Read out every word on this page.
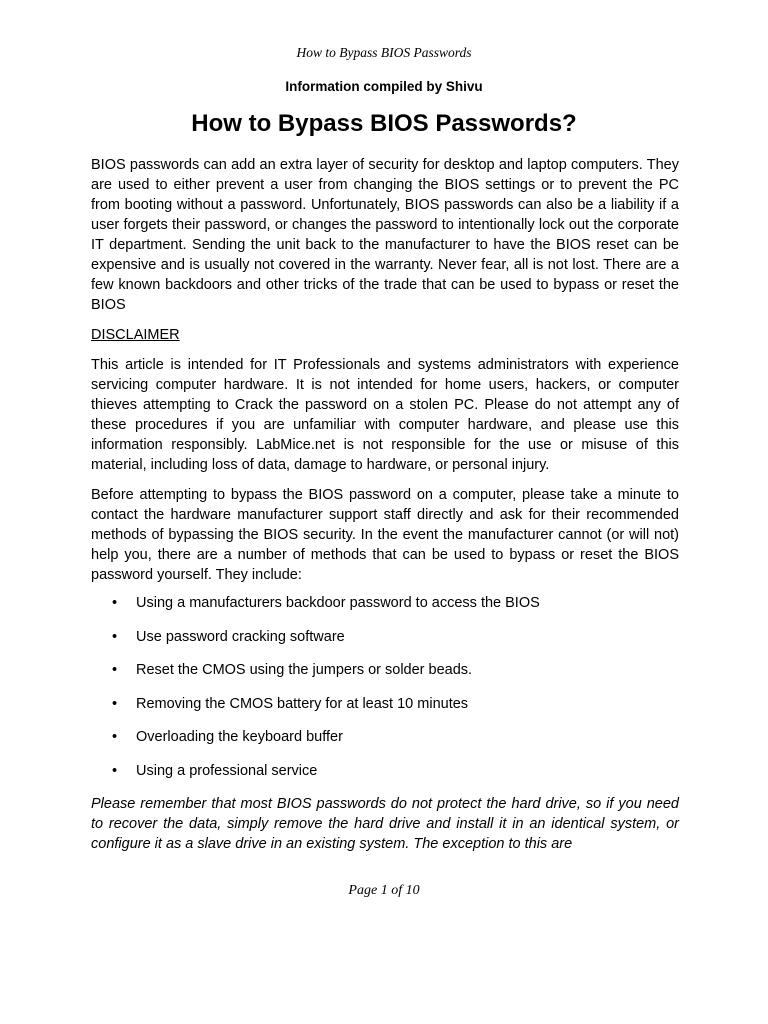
How to Bypass BIOS Passwords
Information compiled by Shivu
How to Bypass BIOS Passwords?

BIOS passwords can add an extra layer of security for desktop and laptop computers. They are used to either prevent a user from changing the BIOS settings or to prevent the PC from booting without a password. Unfortunately, BIOS passwords can also be a liability if a user forgets their password, or changes the password to intentionally lock out the corporate IT department. Sending the unit back to the manufacturer to have the BIOS reset can be expensive and is usually not covered in the warranty. Never fear, all is not lost. There are a few known backdoors and other tricks of the trade that can be used to bypass or reset the BIOS

DISCLAIMER

This article is intended for IT Professionals and systems administrators with experience servicing computer hardware. It is not intended for home users, hackers, or computer thieves attempting to Crack the password on a stolen PC. Please do not attempt any of these procedures if you are unfamiliar with computer hardware, and please use this information responsibly. LabMice.net is not responsible for the use or misuse of this material, including loss of data, damage to hardware, or personal injury.

Before attempting to bypass the BIOS password on a computer, please take a minute to contact the hardware manufacturer support staff directly and ask for their recommended methods of bypassing the BIOS security. In the event the manufacturer cannot (or will not) help you, there are a number of methods that can be used to bypass or reset the BIOS password yourself. They include:

• Using a manufacturers backdoor password to access the BIOS
• Use password cracking software
• Reset the CMOS using the jumpers or solder beads.
• Removing the CMOS battery for at least 10 minutes
• Overloading the keyboard buffer
• Using a professional service

Please remember that most BIOS passwords do not protect the hard drive, so if you need to recover the data, simply remove the hard drive and install it in an identical system, or configure it as a slave drive in an existing system. The exception to this are

Page 1 of 10
